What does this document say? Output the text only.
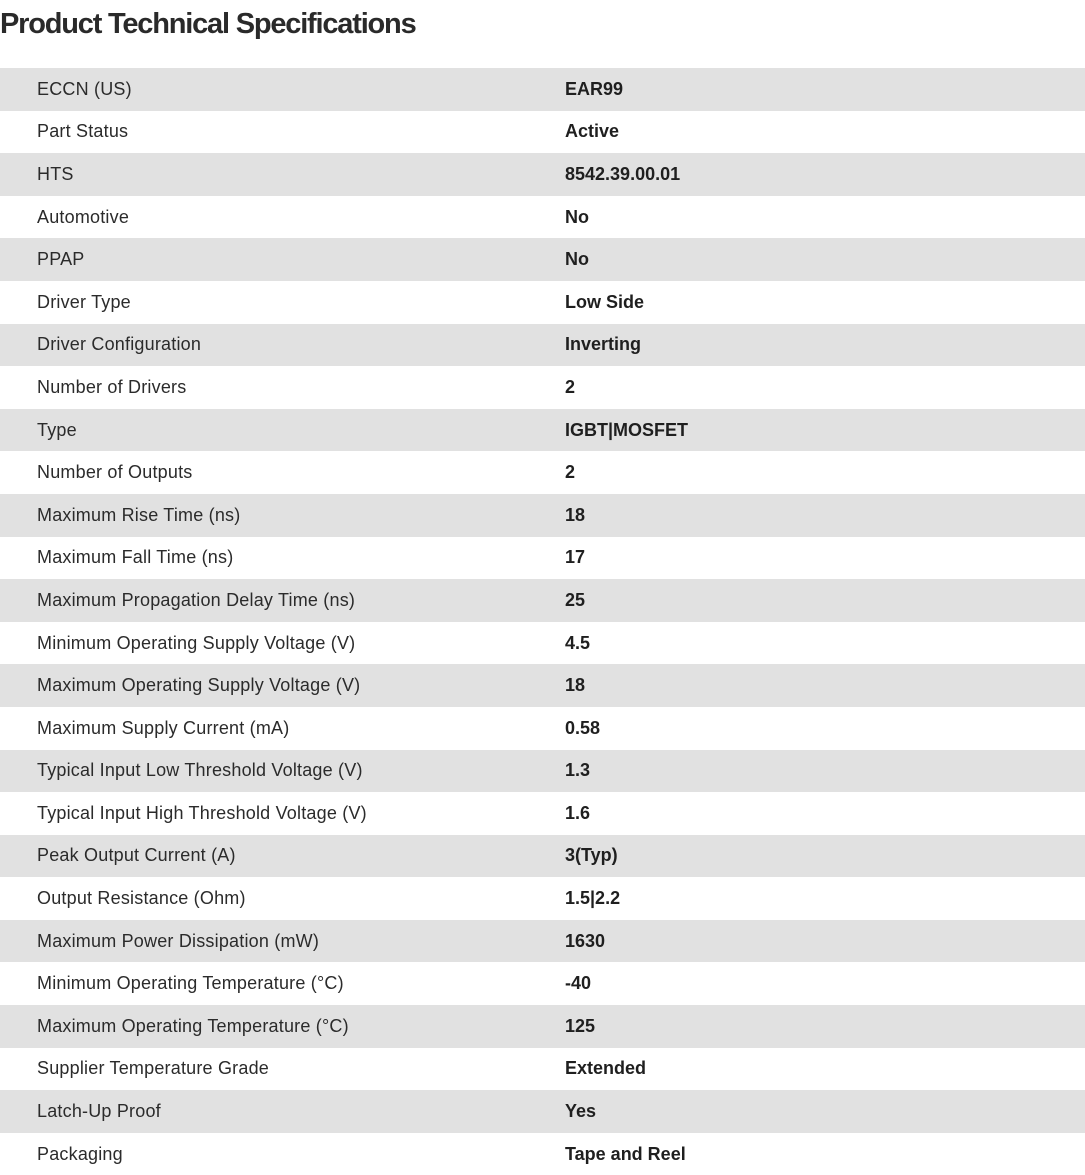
Product Technical Specifications
ECCN (US)	EAR99
Part Status	Active
HTS	8542.39.00.01
Automotive	No
PPAP	No
Driver Type	Low Side
Driver Configuration	Inverting
Number of Drivers	2
Type	IGBT|MOSFET
Number of Outputs	2
Maximum Rise Time (ns)	18
Maximum Fall Time (ns)	17
Maximum Propagation Delay Time (ns)	25
Minimum Operating Supply Voltage (V)	4.5
Maximum Operating Supply Voltage (V)	18
Maximum Supply Current (mA)	0.58
Typical Input Low Threshold Voltage (V)	1.3
Typical Input High Threshold Voltage (V)	1.6
Peak Output Current (A)	3(Typ)
Output Resistance (Ohm)	1.5|2.2
Maximum Power Dissipation (mW)	1630
Minimum Operating Temperature (°C)	-40
Maximum Operating Temperature (°C)	125
Supplier Temperature Grade	Extended
Latch-Up Proof	Yes
Packaging	Tape and Reel
